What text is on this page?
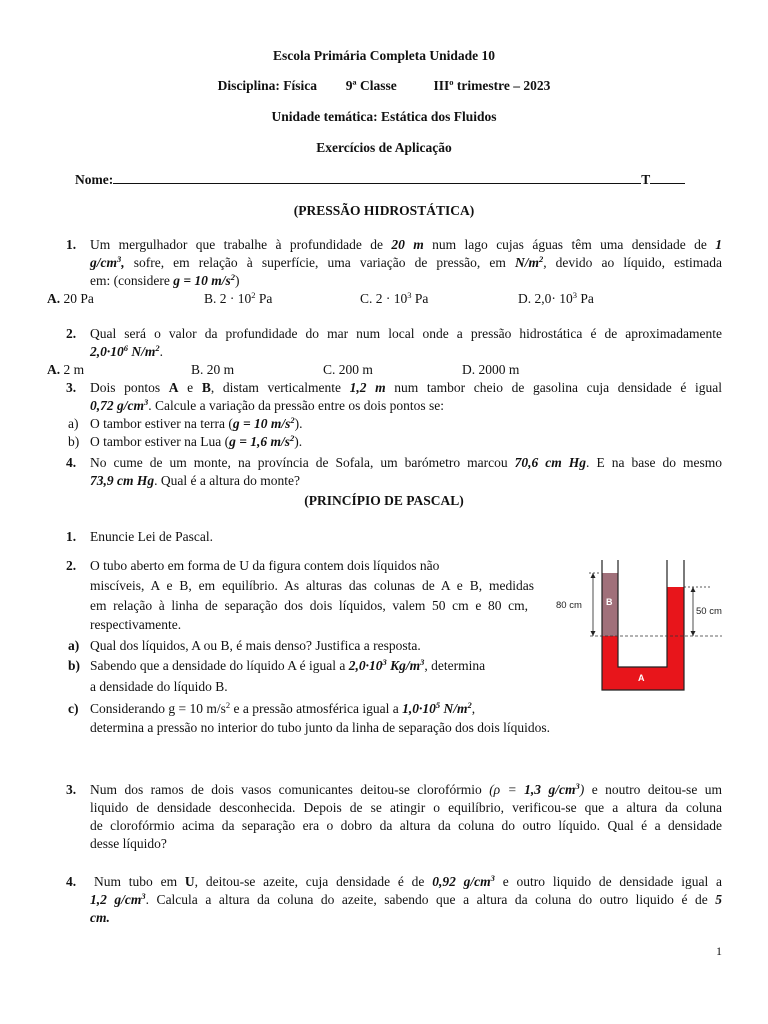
Escola Primária Completa Unidade 10
Disciplina: Física 9ª Classe	III$^o$ trimestre – 2023
Unidade temática: Estática dos Fluidos
Exercícios de Aplicação
Nome:	T
(PRESSÃO HIDROSTÁTICA)
1. Um mergulhador que trabalhe à profundidade de 20 m num lago cujas águas têm uma densidade de 1
$g/cm^3$, sofre, em relação à superfície, uma variação de pressão, em $N/m^2$, devido ao líquido, estimada
em: (considere g = 10 $m/s^2$)
A. 20 Pa	B. $2 \cdot 10^2$ Pa	C. $2 \cdot 10^3$ Pa	D. $2,0\cdot 10^3$ Pa
2. Qual será o valor da profundidade do mar num local onde a pressão hidrostática é de aproximadamente
$2,0\cdot 10^6$ $N/m^2$.
A. 2 m	B. 20 m	C. 200 m	D. 2000 m
3. Dois pontos A e B, distam verticalmente 1,2 m num tambor cheio de gasolina cuja densidade é igual
0,72 $g/cm^3$. Calcule a variação da pressão entre os dois pontos se:
a) O tambor estiver na terra (g = 10 $m/s^2$).
b) O tambor estiver na Lua (g = 1,6 $m/s^2$).
4. No cume de um monte, na província de Sofala, um barómetro marcou 70,6 cm Hg. E na base do mesmo
73,9 cm Hg. Qual é a altura do monte?
(PRINCÍPIO DE PASCAL)
1. Enuncie Lei de Pascal.
2. O tubo aberto em forma de U da figura contem dois líquidos não
miscíveis, A e B, em equilíbrio. As alturas das colunas de A e B, medidas
em relação à linha de separação dos dois líquidos, valem 50 cm e 80 cm,
respectivamente.
a) Qual dos líquidos, A ou B, é mais denso? Justifica a resposta.
b) Sabendo que a densidade do líquido A é igual a $2,0\cdot 10^3$ $Kg/m^3$, determina
a densidade do líquido B.
c) Considerando g = 10 $m/s^2$ e a pressão atmosférica igual a $1,0\cdot 10^5$ $N/m^2$,
determina a pressão no interior do tubo junto da linha de separação dos dois líquidos.
80 cm
50 cm
B
A
3. Num dos ramos de dois vasos comunicantes deitou-se clorofórmio (ρ = 1,3 $g/cm^3$) e noutro deitou-se um
liquido de densidade desconhecida. Depois de se atingir o equilíbrio, verificou-se que a altura da coluna
de clorofórmio acima da separação era o dobro da altura da coluna do outro líquido. Qual é a densidade
desse líquido?
4. Num tubo em U, deitou-se azeite, cuja densidade é de 0,92 $g/cm^3$ e outro liquido de densidade igual a
1,2 $g/cm^3$. Calcula a altura da coluna do azeite, sabendo que a altura da coluna do outro liquido é de 5
cm.
1
